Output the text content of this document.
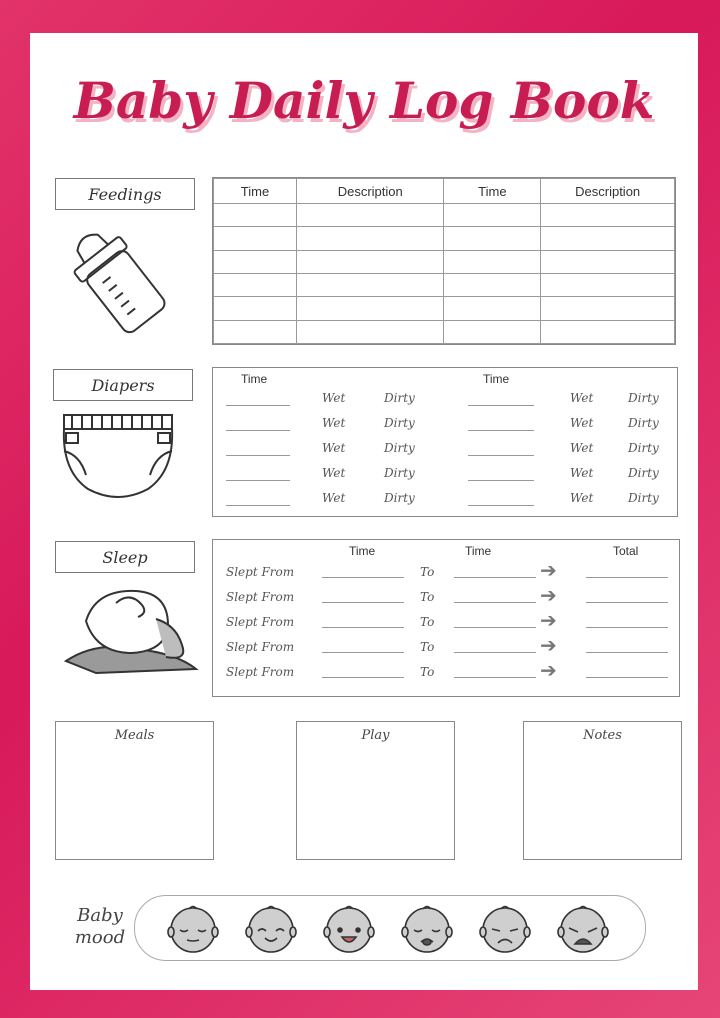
Baby Daily Log Book
Feedings	Time	Description	Time	Description

Diapers	Time	Time
Sleep	Time	Time	Total
Meals	Play	Notes
Baby
mood
Wet	Dirty	Wet	Dirty
Wet	Dirty	Wet	Dirty
Wet	Dirty	Wet	Dirty
Wet	Dirty	Wet	Dirty
Wet	Dirty	Wet	Dirty
Slept From	To	➔
Slept From	To	➔
Slept From	To	➔
Slept From	To	➔
Slept From	To	➔
